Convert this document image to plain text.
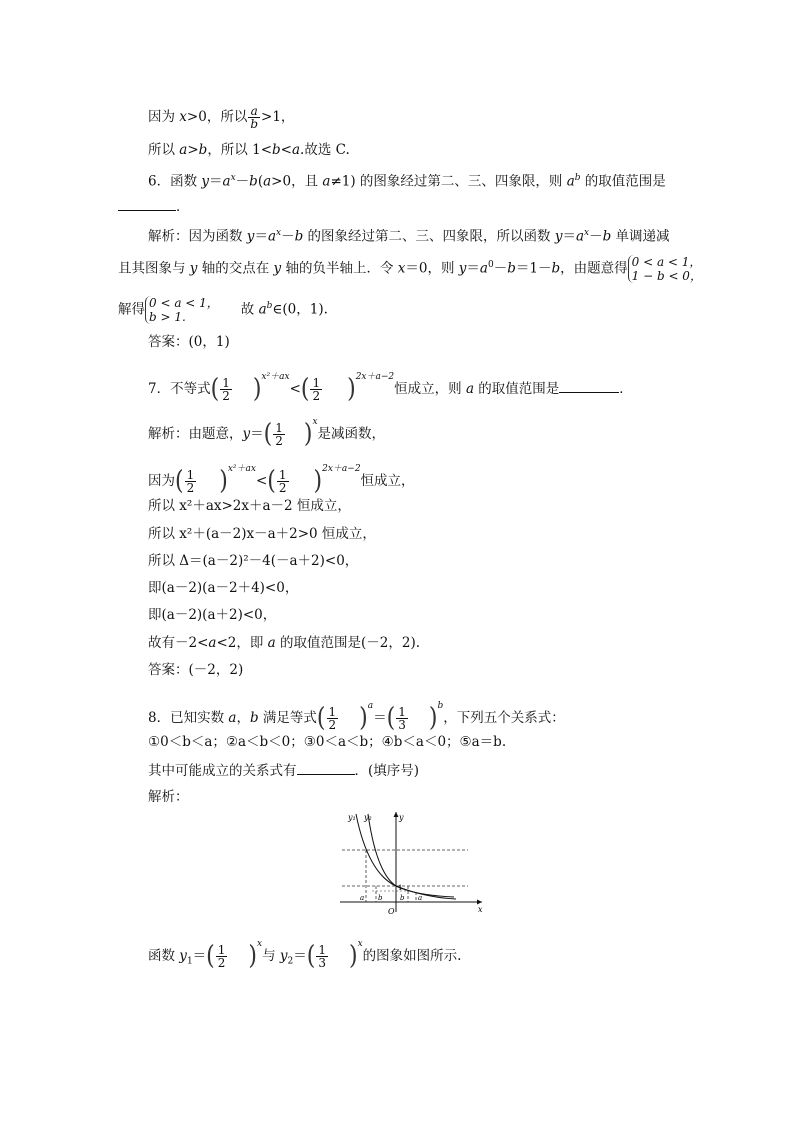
因为 x>0，所以 $\frac{a}{b} >1$，
所以 a>b，所以 1<b<a.故选 C.
6．函数 $y=a^x-b(a>0$，且 a≠1) 的图象经过第二、三、四象限，则 $a^b$ 的取值范围是
．
解析：因为函数 $y=a^x-b$ 的图象经过第二、三、四象限，所以函数 $y=a^x-b$ 单调递减
且其图象与 y 轴的交点在 y 轴的负半轴上．令 x＝0，则 $y=a^0-b=1-b$，由题意得 0 < a < 1，
1 − b < 0，
解得 0 < a < 1，
b > 1.	故 $a^b\in(0$，1).
答案：(0，1)
7．不等式( $\frac{1}{2} )^{x^2+ax}<( \frac{1}{2} )^{2x+a-2}$恒成立，则 a 的取值范围是	．
解析：由题意，$y=( \frac{1}{2} )^x$是减函数，
因为( $\frac{1}{2} )^{x^2+ax}<( \frac{1}{2} )^{2x+a-2}$恒成立，
所以 x²＋ax>2x＋a－2 恒成立，
所以 x²＋(a－2)x－a＋2>0 恒成立，
所以 Δ＝(a－2)²－4(－a＋2)<0，
即(a－2)(a－2＋4)<0，
即(a－2)(a＋2)<0，
故有－2<a<2，即 a 的取值范围是(－2，2).
答案：(－2，2)
8．已知实数 a，b 满足等式( $\frac{1}{2} )^a=( \frac{1}{3} )^b$，下列五个关系式：
①0＜b＜a；②a＜b＜0；③0＜a＜b；④b＜a＜0；⑤a＝b.
其中可能成立的关系式有	．(填序号)
解析：
y₁ y₂	y
x
O
1
a b	b a
函数 $y_1=( \frac{1}{2} )^x$与 $y_2=( \frac{1}{3} )^x$的图象如图所示.
